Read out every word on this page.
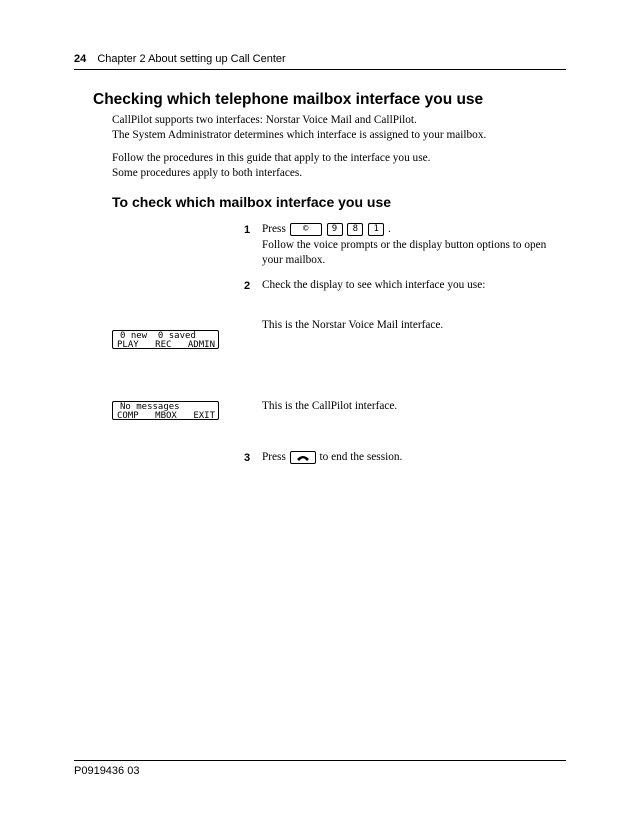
24 Chapter 2 About setting up Call Center
Checking which telephone mailbox interface you use
CallPilot supports two interfaces: Norstar Voice Mail and CallPilot.
The System Administrator determines which interface is assigned to your mailbox.
Follow the procedures in this guide that apply to the interface you use.
Some procedures apply to both interfaces.
To check which mailbox interface you use
1 Press ©	9 8 1 .
Follow the voice prompts or the display button options to open
your mailbox.
2 Check the display to see which interface you use:
0 new  0 saved
PLAY REC ADMIN
This is the Norstar Voice Mail interface.
No messages
COMP MBOX EXIT
This is the CallPilot interface.
3 Press	to end the session.
P0919436 03
